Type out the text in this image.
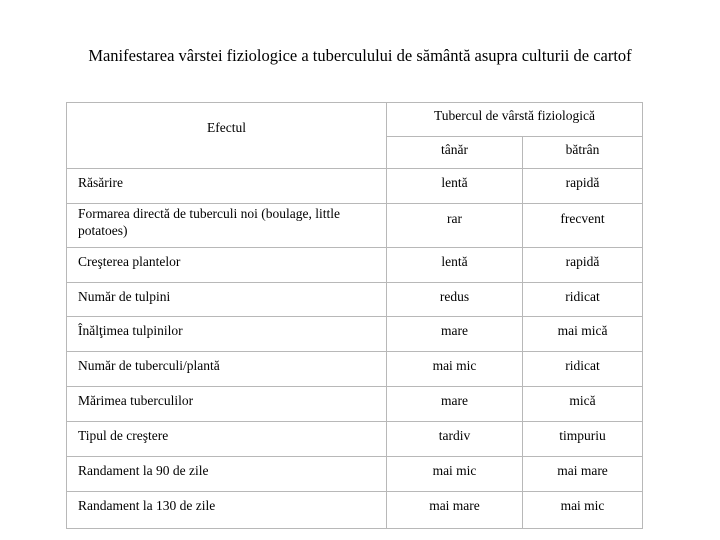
Manifestarea vârstei fiziologice a tuberculului de sământă asupra culturii de cartof
Efectul	Tubercul de vârstă fiziologică	
	tânăr	bătrân
Răsărire	lentă	rapidă
Formarea directă de tuberculi noi (boulage, little potatoes)	rar	frecvent
Creşterea plantelor	lentă	rapidă
Număr de tulpini	redus	ridicat
Înălţimea tulpinilor	mare	mai mică
Număr de tuberculi/plantă	mai mic	ridicat
Mărimea tuberculilor	mare	mică
Tipul de creştere	tardiv	timpuriu
Randament la 90 de zile	mai mic	mai mare
Randament la 130 de zile	mai mare	mai mic
